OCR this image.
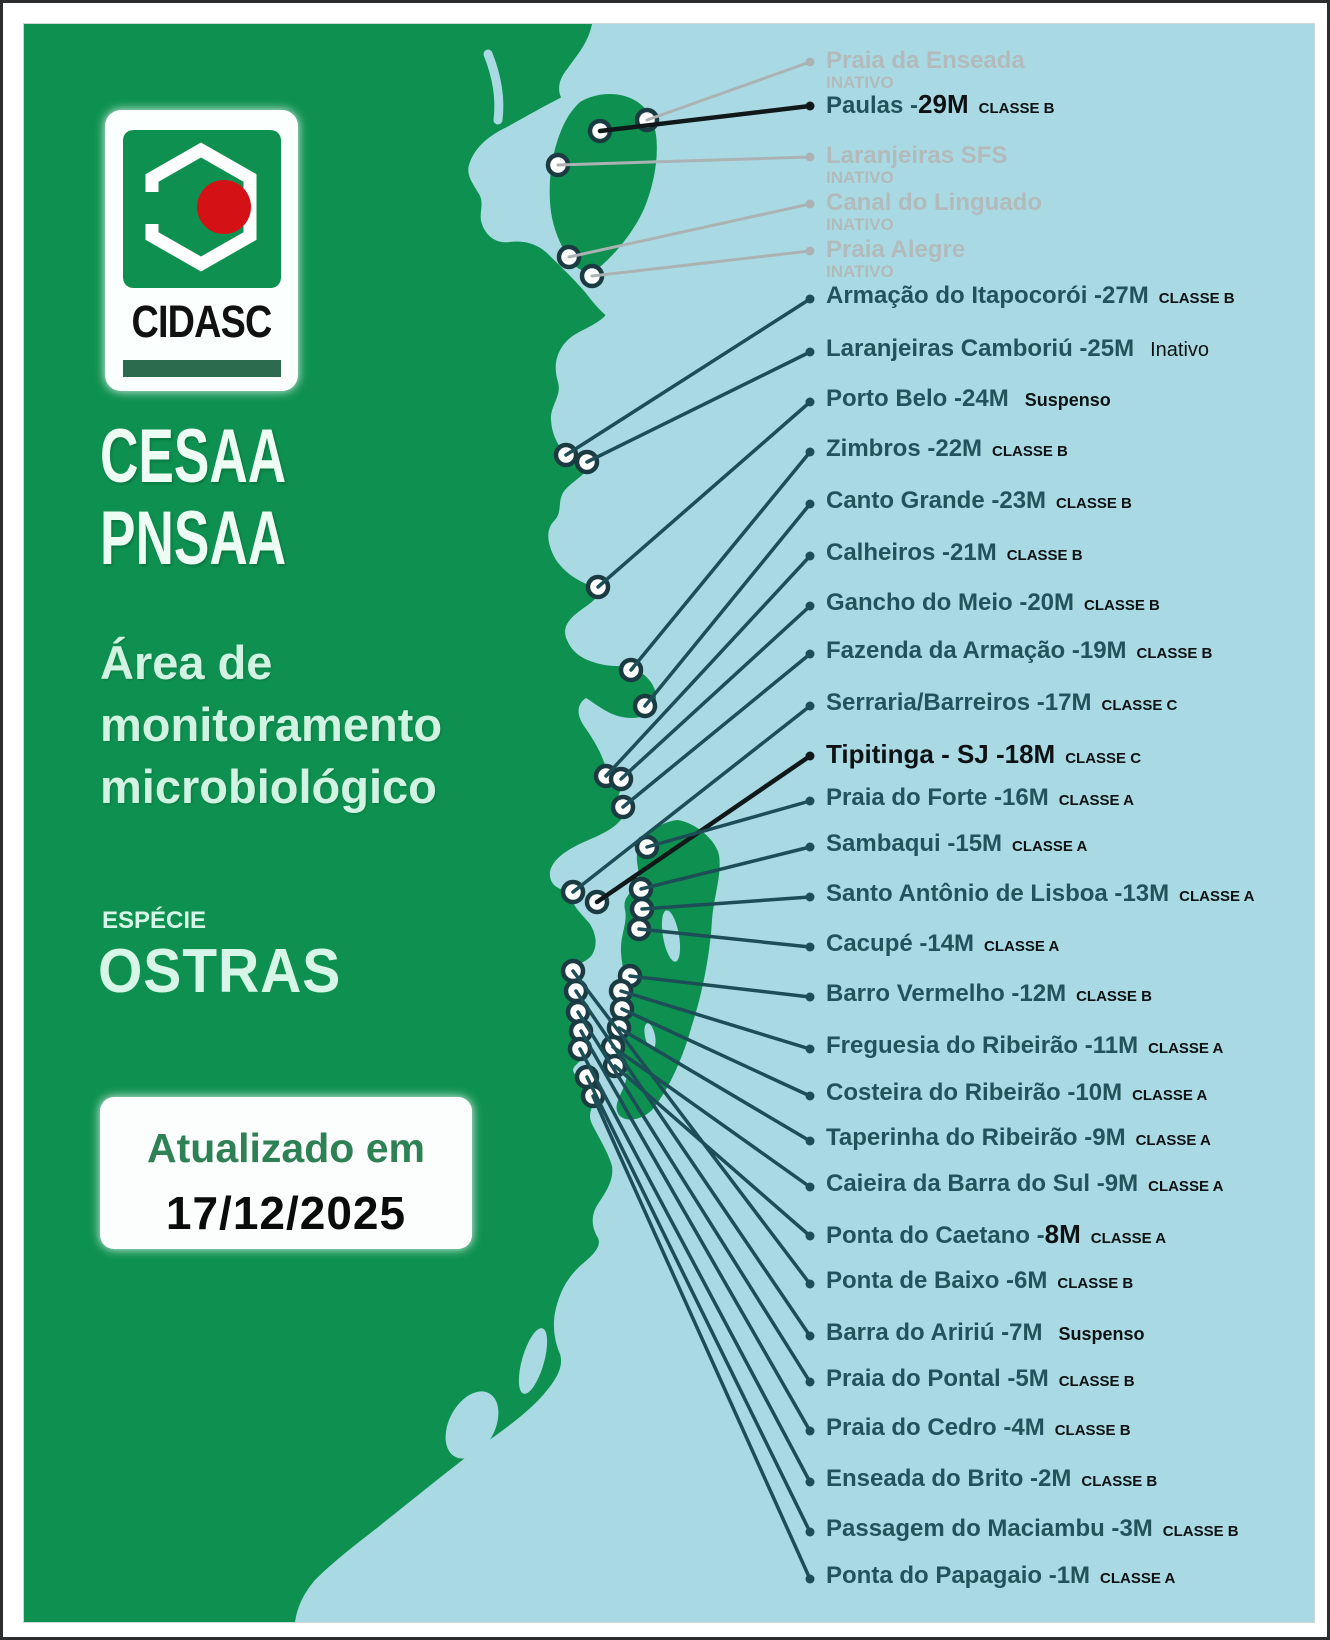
CIDASC
CESAA
PNSAA
Área de
monitoramento
microbiológico
ESPÉCIE
OSTRAS
Atualizado em
17/12/2025
Praia da Enseada
INATIVO
Paulas - 29M CLASSE B
Laranjeiras SFS
INATIVO
Canal do Linguado
INATIVO
Praia Alegre
INATIVO
Armação do Itapocorói - 27M CLASSE B
Laranjeiras Camboriú - 25M Inativo
Porto Belo - 24M Suspenso
Zimbros - 22M CLASSE B
Canto Grande - 23M CLASSE B
Calheiros - 21M CLASSE B
Gancho do Meio - 20M CLASSE B
Fazenda da Armação - 19M CLASSE B
Serraria/Barreiros - 17M CLASSE C
Tipitinga - SJ - 18M CLASSE C
Praia do Forte - 16M CLASSE A
Sambaqui - 15M CLASSE A
Santo Antônio de Lisboa - 13M CLASSE A
Cacupé - 14M CLASSE A
Barro Vermelho - 12M CLASSE B
Freguesia do Ribeirão - 11M CLASSE A
Costeira do Ribeirão - 10M CLASSE A
Taperinha do Ribeirão - 9M CLASSE A
Caieira da Barra do Sul - 9M CLASSE A
Ponta do Caetano - 8M CLASSE A
Ponta de Baixo - 6M CLASSE B
Barra do Aririú - 7M Suspenso
Praia do Pontal - 5M CLASSE B
Praia do Cedro - 4M CLASSE B
Enseada do Brito - 2M CLASSE B
Passagem do Maciambu - 3M CLASSE B
Ponta do Papagaio - 1M CLASSE A
